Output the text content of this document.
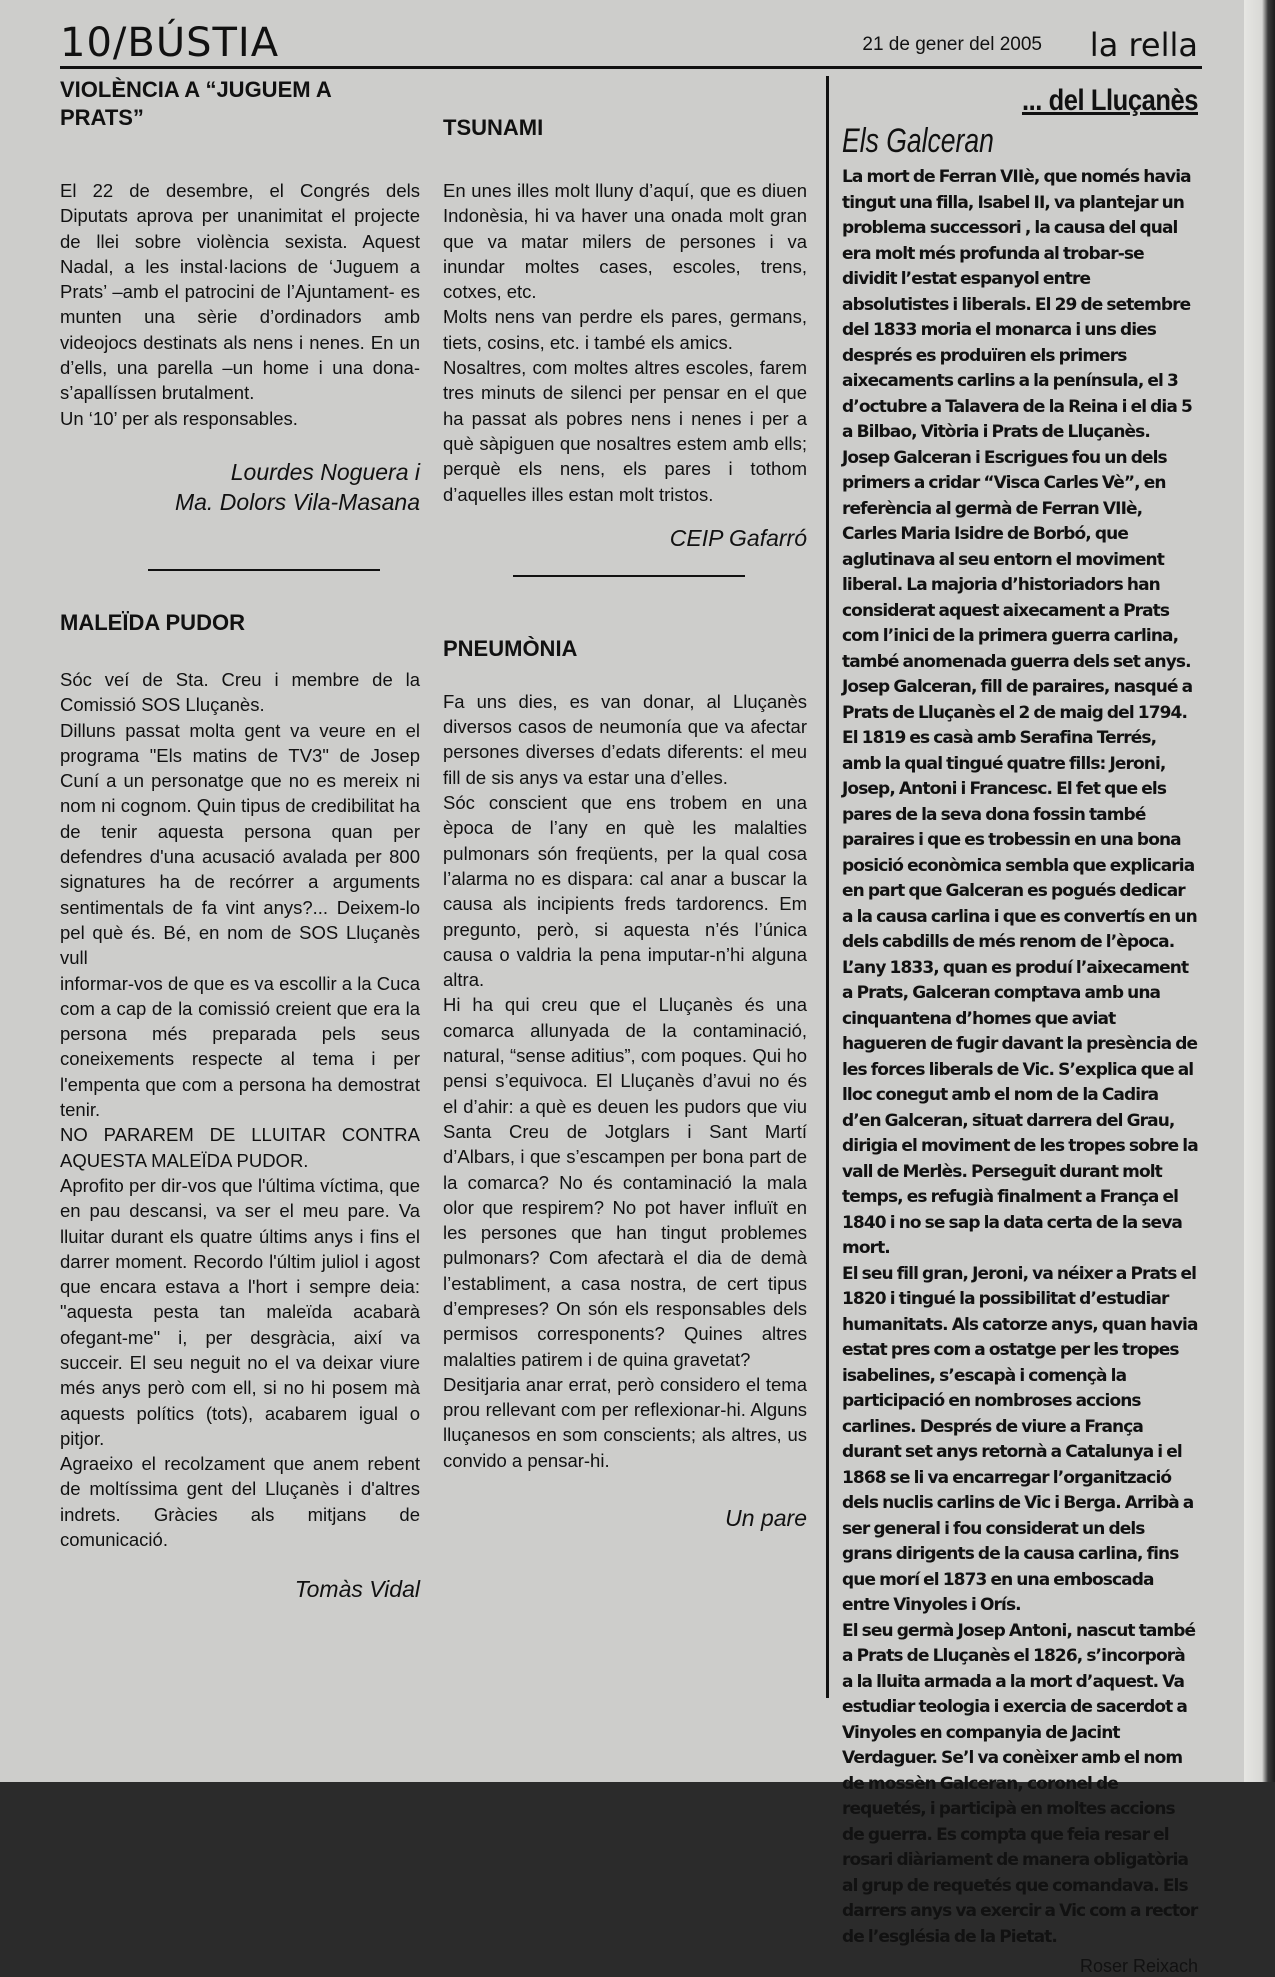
10/BÚSTIA	21 de gener del 2005 la rella
VIOLÈNCIA A “JUGUEM A PRATS”

El 22 de desembre, el Congrés dels Diputats aprova per unanimitat el projecte de llei sobre violència sexista. Aquest Nadal, a les instal·lacions de ‘Juguem a Prats’ –amb el patrocini de l’Ajuntament- es munten una sèrie d’ordinadors amb videojocs destinats als nens i nenes. En un d’ells, una parella –un home i una dona- s’apallíssen brutalment.

Un ‘10’ per als responsables.

Lourdes Noguera i
Ma. Dolors Vila-Masana
MALEÏDA PUDOR

Sóc veí de Sta. Creu i membre de la Comissió SOS Lluçanès.

Dilluns passat molta gent va veure en el programa "Els matins de TV3" de Josep Cuní a un personatge que no es mereix ni nom ni cognom. Quin tipus de credibilitat ha de tenir aquesta persona quan per defendres d'una acusació avalada per 800 signatures ha de recórrer a arguments sentimentals de fa vint anys?... Deixem-lo pel què és. Bé, en nom de SOS Lluçanès vull

informar-vos de que es va escollir a la Cuca com a cap de la comissió creient que era la persona més preparada pels seus coneixements respecte al tema i per l'empenta que com a persona ha demostrat tenir.

NO PARAREM DE LLUITAR CONTRA AQUESTA MALEÏDA PUDOR.

Aprofito per dir-vos que l'última víctima, que en pau descansi, va ser el meu pare. Va lluitar durant els quatre últims anys i fins el darrer moment. Recordo l'últim juliol i agost que encara estava a l'hort i sempre deia: "aquesta pesta tan maleïda acabarà ofegant-me" i, per desgràcia, així va succeir. El seu neguit no el va deixar viure més anys però com ell, si no hi posem mà aquests polítics (tots), acabarem igual o pitjor.

Agraeixo el recolzament que anem rebent de moltíssima gent del Lluçanès i d'altres indrets. Gràcies als mitjans de comunicació.

Tomàs Vidal
TSUNAMI

En unes illes molt lluny d’aquí, que es diuen Indonèsia, hi va haver una onada molt gran que va matar milers de persones i va inundar moltes cases, escoles, trens, cotxes, etc.

Molts nens van perdre els pares, germans, tiets, cosins, etc. i també els amics.

Nosaltres, com moltes altres escoles, farem tres minuts de silenci per pensar en el que ha passat als pobres nens i nenes i per a què sàpiguen que nosaltres estem amb ells; perquè els nens, els pares i tothom d’aquelles illes estan molt tristos.

CEIP Gafarró
PNEUMÒNIA

Fa uns dies, es van donar, al Lluçanès diversos casos de neumonía que va afectar persones diverses d’edats diferents: el meu fill de sis anys va estar una d’elles.

Sóc conscient que ens trobem en una època de l’any en què les malalties pulmonars són freqüents, per la qual cosa l’alarma no es dispara: cal anar a buscar la causa als incipients freds tardorencs. Em pregunto, però, si aquesta n’és l’única causa o valdria la pena imputar-n’hi alguna altra.

Hi ha qui creu que el Lluçanès és una comarca allunyada de la contaminació, natural, “sense aditius”, com poques. Qui ho pensi s’equivoca. El Lluçanès d’avui no és el d’ahir: a què es deuen les pudors que viu Santa Creu de Jotglars i Sant Martí d’Albars, i que s’escampen per bona part de la comarca? No és contaminació la mala olor que respirem? No pot haver influït en les persones que han tingut problemes pulmonars? Com afectarà el dia de demà l’establiment, a casa nostra, de cert tipus d’empreses? On són els responsables dels permisos corresponents? Quines altres malalties patirem i de quina gravetat?

Desitjaria anar errat, però considero el tema prou rellevant com per reflexionar-hi. Alguns lluçanesos en som conscients; als altres, us convido a pensar-hi.

Un pare
... del Lluçanès
Els Galceran

La mort de Ferran VIIè, que només havia tingut una filla, Isabel II, va plantejar un problema successori , la causa del qual era molt més profunda al trobar-se dividit l’estat espanyol entre absolutistes i liberals. El 29 de setembre del 1833 moria el monarca i uns dies després es produïren els primers aixecaments carlins a la península, el 3 d’octubre a Talavera de la Reina i el dia 5 a Bilbao, Vitòria i Prats de Lluçanès. Josep Galceran i Escrigues fou un dels primers a cridar “Visca Carles Vè”, en referència al germà de Ferran VIIè, Carles Maria Isidre de Borbó, que aglutinava al seu entorn el moviment liberal. La majoria d’historiadors han considerat aquest aixecament a Prats com l’inici de la primera guerra carlina, també anomenada guerra dels set anys.

Josep Galceran, fill de paraires, nasqué a Prats de Lluçanès el 2 de maig del 1794. El 1819 es casà amb Serafina Terrés, amb la qual tingué quatre fills: Jeroni, Josep, Antoni i Francesc. El fet que els pares de la seva dona fossin també paraires i que es trobessin en una bona posició econòmica sembla que explicaria en part que Galceran es pogués dedicar a la causa carlina i que es convertís en un dels cabdills de més renom de l’època. L’any 1833, quan es produí l’aixecament a Prats, Galceran comptava amb una cinquantena d’homes que aviat hagueren de fugir davant la presència de les forces liberals de Vic. S’explica que al lloc conegut amb el nom de la Cadira d’en Galceran, situat darrera del Grau, dirigia el moviment de les tropes sobre la vall de Merlès. Perseguit durant molt temps, es refugià finalment a França el 1840 i no se sap la data certa de la seva mort.

El seu fill gran, Jeroni, va néixer a Prats el 1820 i tingué la possibilitat d’estudiar humanitats. Als catorze anys, quan havia estat pres com a ostatge per les tropes isabelines, s’escapà i començà la participació en nombroses accions carlines. Després de viure a França durant set anys retornà a Catalunya i el 1868 se li va encarregar l’organització dels nuclis carlins de Vic i Berga. Arribà a ser general i fou considerat un dels grans dirigents de la causa carlina, fins que morí el 1873 en una emboscada entre Vinyoles i Orís.

El seu germà Josep Antoni, nascut també a Prats de Lluçanès el 1826, s’incorporà a la lluita armada a la mort d’aquest. Va estudiar teologia i exercia de sacerdot a Vinyoles en companyia de Jacint Verdaguer. Se’l va conèixer amb el nom de mossèn Galceran, coronel de requetés, i participà en moltes accions de guerra. Es compta que feia resar el rosari diàriament de manera obligatòria al grup de requetés que comandava. Els darrers anys va exercir a Vic com a rector de l’església de la Pietat.

Roser Reixach
